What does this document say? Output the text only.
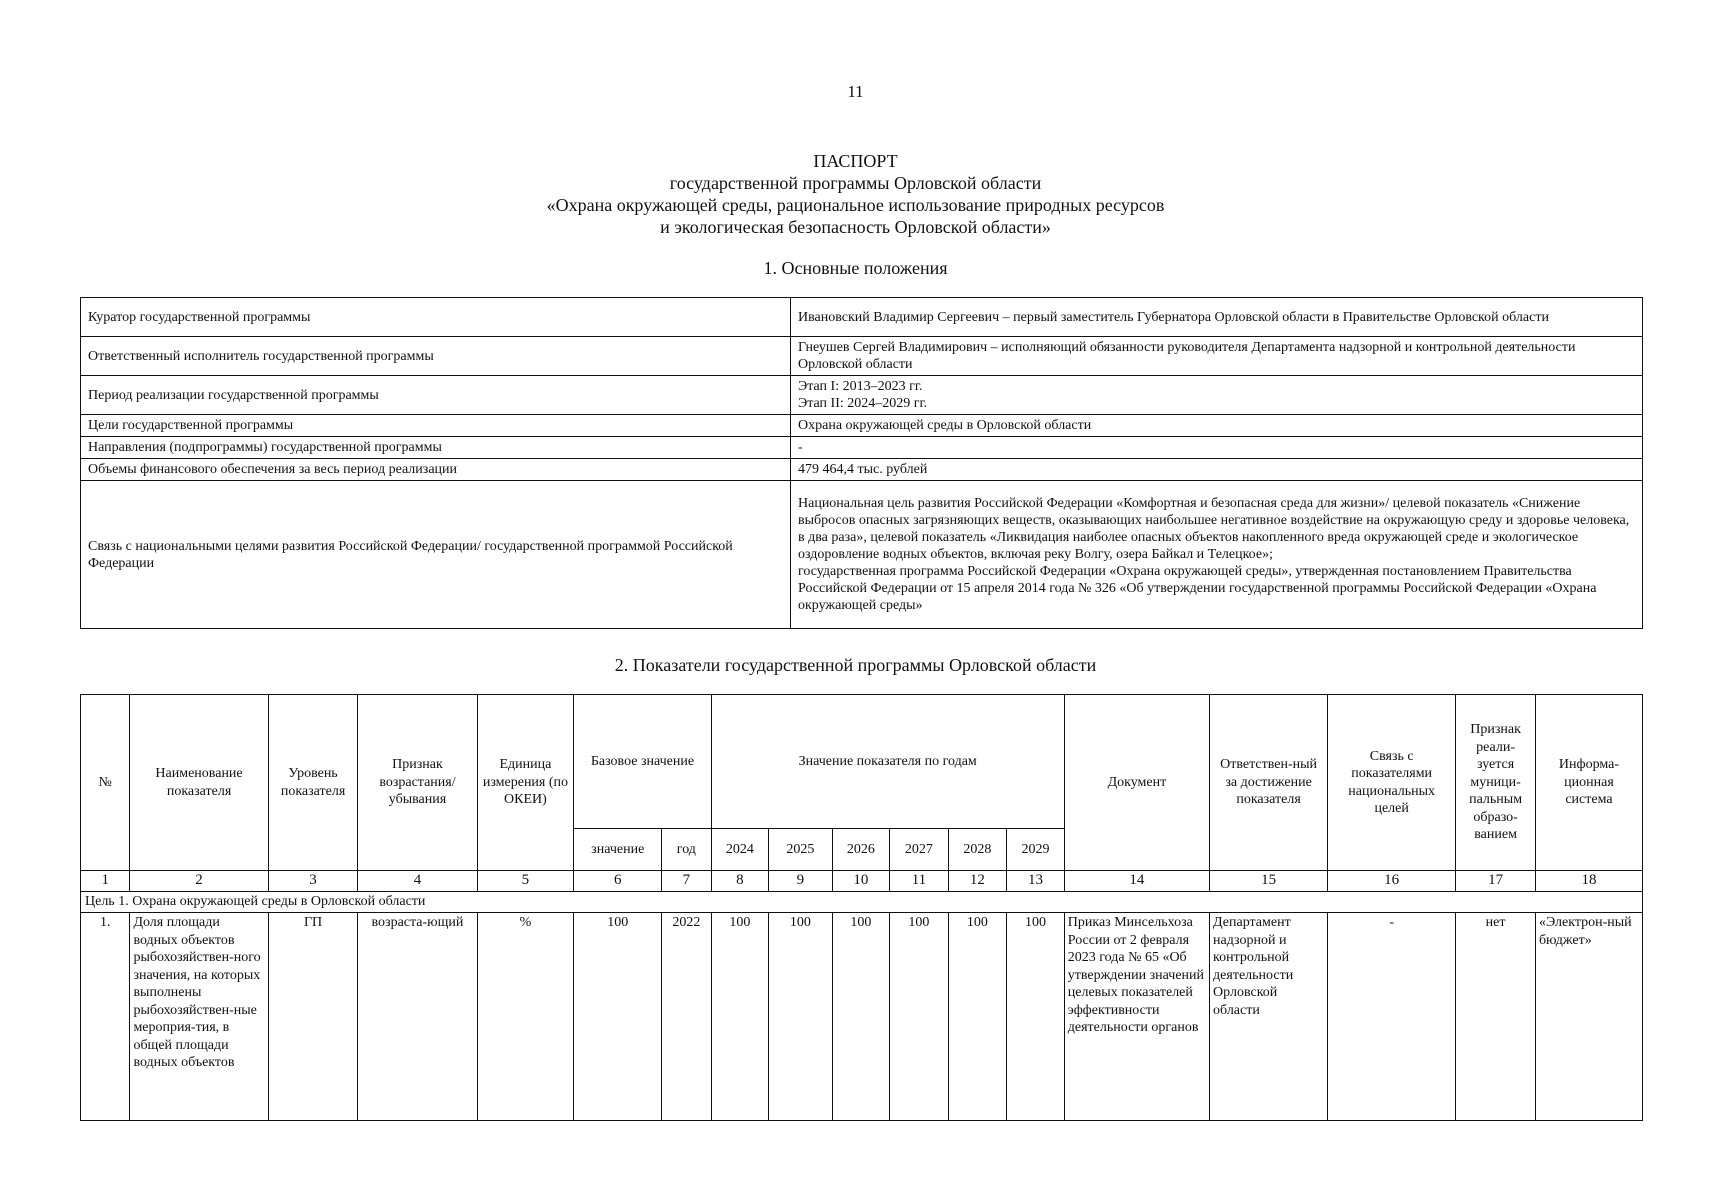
11
ПАСПОРТ
государственной программы Орловской области
«Охрана окружающей среды, рациональное использование природных ресурсов
и экологическая безопасность Орловской области»
1. Основные положения
Куратор государственной программы	Ивановский Владимир Сергеевич – первый заместитель Губернатора Орловской области в Правительстве Орловской области
Ответственный исполнитель государственной программы	Гнеушев Сергей Владимирович – исполняющий обязанности руководителя Департамента надзорной и контрольной деятельности Орловской области
Период реализации государственной программы	Этап I: 2013–2023 гг.
Этап II: 2024–2029 гг.

Цели государственной программы	Охрана окружающей среды в Орловской области
Направления (подпрограммы) государственной программы	-
Объемы финансового обеспечения за весь период реализации	479 464,4 тыс. рублей
Связь с национальными целями развития Российской Федерации/ государственной программой Российской Федерации	Национальная цель развития Российской Федерации «Комфортная и безопасная среда для жизни»/ целевой показатель «Снижение выбросов опасных загрязняющих веществ, оказывающих наибольшее негативное воздействие на окружающую среду и здоровье человека, в два раза», целевой показатель «Ликвидация наиболее опасных объектов накопленного вреда окружающей среде и экологическое оздоровление водных объектов, включая реку Волгу, озера Байкал и Телецкое»;
государственная программа Российской Федерации «Охрана окружающей среды», утвержденная постановлением Правительства Российской Федерации от 15 апреля 2014 года № 326 «Об утверждении государственной программы Российской Федерации «Охрана окружающей среды»
2. Показатели государственной программы Орловской области
№	Наименование показателя	Уровень показателя	Признак возрастания/ убывания	Единица измерения (по ОКЕИ)	Базовое значение		Значение показателя по годам						Документ	Ответствен-ный за достижение показателя	Связь с показателями национальных целей	Признак реали-зуется муници-пальным образо-ванием	Информа-ционная система
					значение	год	2024	2025	2026	2027	2028	2029					
1	2	3	4	5	6	7	8	9	10	11	12	13	14	15	16	17	18
Цель 1. Охрана окружающей среды в Орловской области																	
1.	Доля площади водных объектов рыбохозяйствен-ного значения, на которых выполнены рыбохозяйствен-ные мероприя-тия, в общей площади водных объектов	ГП	возраста-ющий	%	100	2022	100	100	100	100	100	100	Приказ Минсельхоза России от 2 февраля 2023 года № 65 «Об утверждении значений целевых показателей эффективности деятельности органов	Департамент надзорной и контрольной деятельности Орловской области	-	нет	«Электрон-ный бюджет»
